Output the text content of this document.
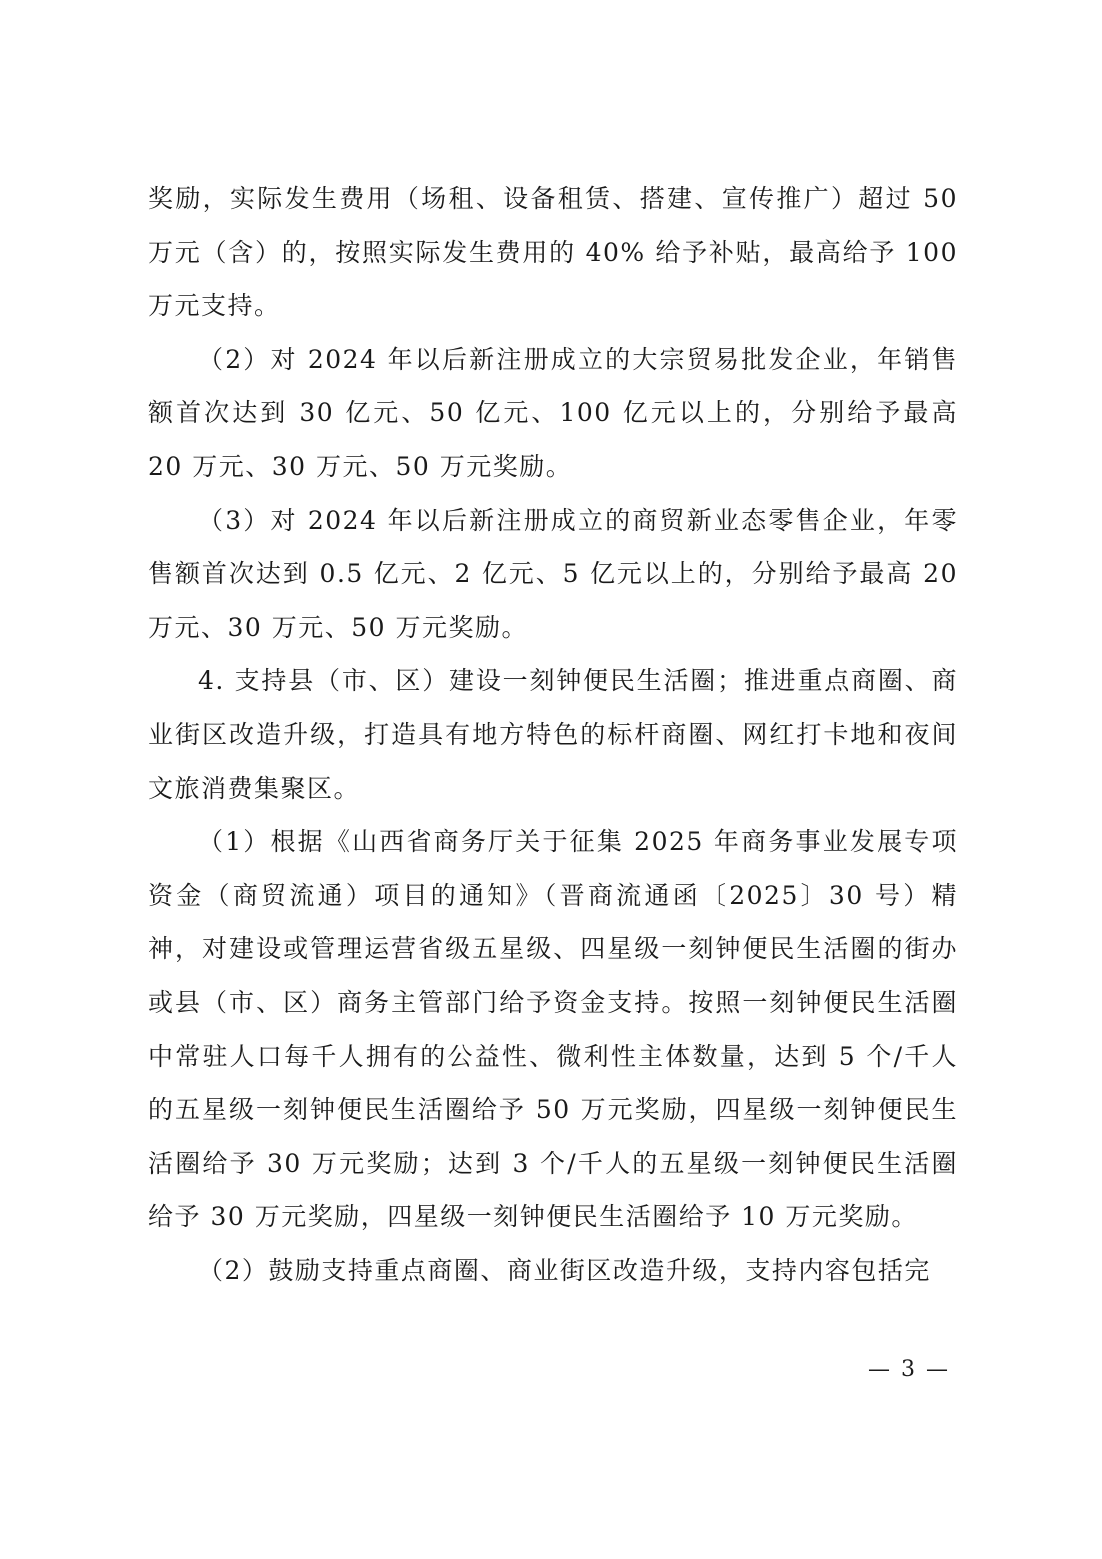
奖励，实际发生费用（场租、设备租赁、搭建、宣传推广）超过 50 万元（含）的，按照实际发生费用的 40% 给予补贴，最高给予 100 万元支持。

（2）对 2024 年以后新注册成立的大宗贸易批发企业，年销售额首次达到 30 亿元、50 亿元、100 亿元以上的，分别给予最高 20 万元、30 万元、50 万元奖励。

（3）对 2024 年以后新注册成立的商贸新业态零售企业，年零售额首次达到 0.5 亿元、2 亿元、5 亿元以上的，分别给予最高 20 万元、30 万元、50 万元奖励。

4. 支持县（市、区）建设一刻钟便民生活圈；推进重点商圈、商业街区改造升级，打造具有地方特色的标杆商圈、网红打卡地和夜间文旅消费集聚区。

（1）根据《山西省商务厅关于征集 2025 年商务事业发展专项资金（商贸流通）项目的通知》（晋商流通函〔2025〕30 号）精神，对建设或管理运营省级五星级、四星级一刻钟便民生活圈的街办或县（市、区）商务主管部门给予资金支持。按照一刻钟便民生活圈中常驻人口每千人拥有的公益性、微利性主体数量，达到 5 个/千人的五星级一刻钟便民生活圈给予 50 万元奖励，四星级一刻钟便民生活圈给予 30 万元奖励；达到 3 个/千人的五星级一刻钟便民生活圈给予 30 万元奖励，四星级一刻钟便民生活圈给予 10 万元奖励。

（2）鼓励支持重点商圈、商业街区改造升级，支持内容包括完

— 3 —
